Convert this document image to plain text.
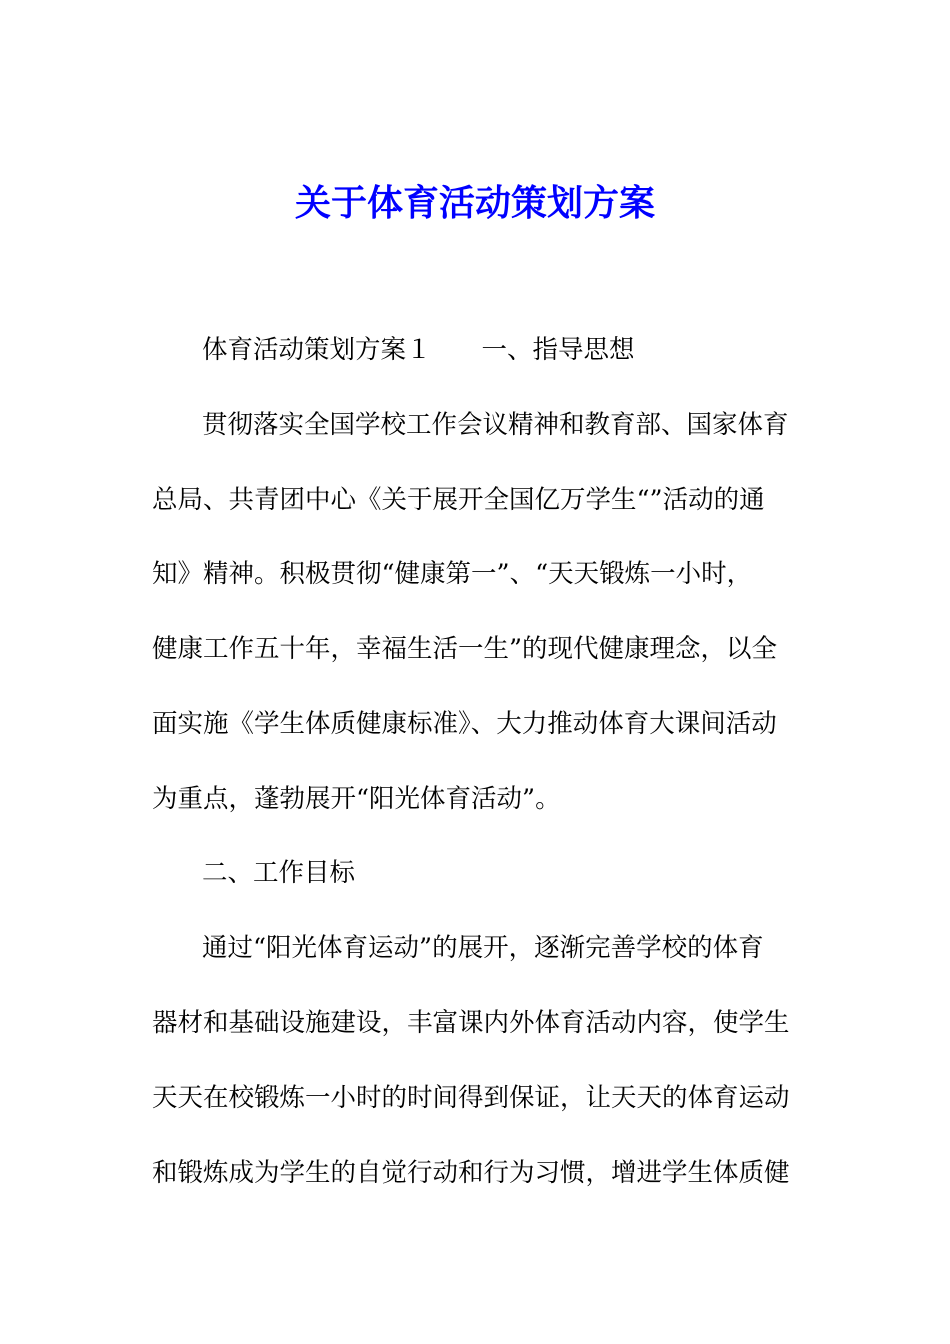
关于体育活动策划方案

体育活动策划方案１ 一、指导思想

贯彻落实全国学校工作会议精神和教育部、国家体育

总局、共青团中心《关于展开全国亿万学生“”活动的通

知》精神。积极贯彻“健康第一”、“天天锻炼一小时，

健康工作五十年，幸福生活一生”的现代健康理念，以全

面实施《学生体质健康标准》、大力推动体育大课间活动

为重点，蓬勃展开“阳光体育活动”。

二、工作目标

通过“阳光体育运动”的展开，逐渐完善学校的体育

器材和基础设施建设，丰富课内外体育活动内容，使学生

天天在校锻炼一小时的时间得到保证，让天天的体育运动

和锻炼成为学生的自觉行动和行为习惯，增进学生体质健
